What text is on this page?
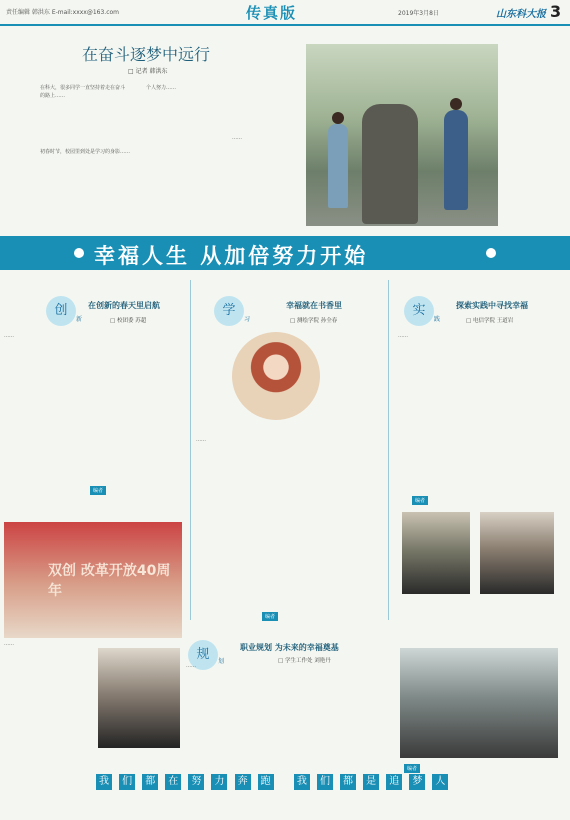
责任编辑 韩洪东 E-mail:xxxx@163.com	传真版	2019年3月8日	山东科大报 3
在奋斗逐梦中远行
□ 记者 韩洪东
在科大，很多同学一直坚持着走在奋斗的路上……
初春时节，校园里到处是学习的身影……
个人努力……
……
幸福人生 从加倍努力开始
创
新
在创新的春天里启航
□ 校团委 苏超
……
编者
双创 改革开放40周年
学
习
幸福就在书香里
□ 测绘学院 孙全春
……
编者
实
践
探索实践中寻找幸福
□ 电信学院 王道岩
……
编者
……
规	划
职业规划 为未来的幸福奠基
□ 学生工作处 刘艳丹
……
编者
我 们 都 在 努 力 奔 跑	我 们 都 是 追 梦 人
